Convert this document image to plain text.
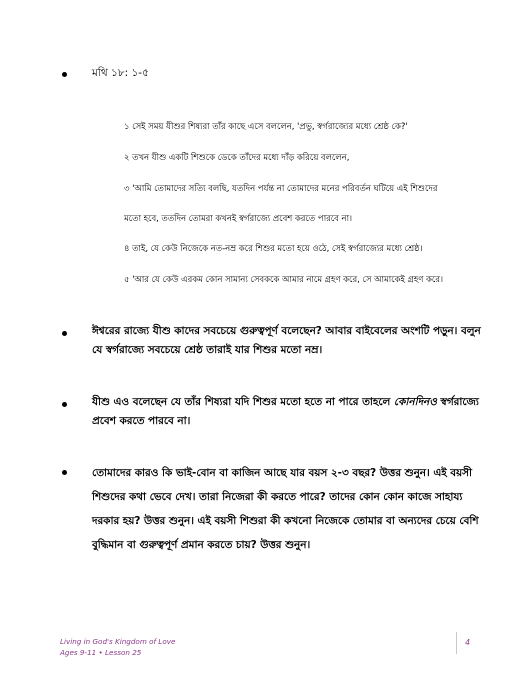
মথি ১৮: ১-৫
১ সেই সময় যীশুর শিষ্যরা তাঁর কাছে এসে বললেন, 'প্রভু, স্বর্গরাজ্যের মধ্যে শ্রেষ্ঠ কে?'
২ তখন যীশু একটি শিশুকে ডেকে তাঁদের মধ্যে দাঁড় করিয়ে বললেন,
৩ 'আমি তোমাদের সত্যি বলছি, যতদিন পর্যন্ত না তোমাদের মনের পরিবর্তন ঘটিয়ে এই শিশুদের
মতো হবে, ততদিন তোমরা কখনই স্বর্গরাজ্যে প্রবেশ করতে পারবে না।
৪ তাই, যে কেউ নিজেকে নত-নম্র করে শিশুর মতো হয়ে ওঠে, সেই স্বর্গরাজ্যের মধ্যে শ্রেষ্ঠ।
৫ 'আর যে কেউ এরকম কোন সামান্য সেবককে আমার নামে গ্রহণ করে, সে আমাকেই গ্রহণ করে।
ঈশ্বরের রাজ্যে যীশু কাদের সবচেয়ে গুরুত্বপূর্ণ বলেছেন? আবার বাইবেলের অংশটি পড়ুন। বলুন যে স্বর্গরাজ্যে সবচেয়ে শ্রেষ্ঠ তারাই যার শিশুর মতো নম্র।
যীশু এও বলেছেন যে তাঁর শিষ্যরা যদি শিশুর মতো হতে না পারে তাহলে কোনদিনও স্বর্গরাজ্যে প্রবেশ করতে পারবে না।
তোমাদের কারও কি ভাই-বোন বা কাজিন আছে যার বয়স ২-৩ বছর? উত্তর শুনুন। এই বয়সী শিশুদের কথা ভেবে দেখ। তারা নিজেরা কী করতে পারে? তাদের কোন কোন কাজে সাহায্য দরকার হয়? উত্তর শুনুন। এই বয়সী শিশুরা কী কখনো নিজেকে তোমার বা অন্যদের চেয়ে বেশি বুদ্ধিমান বা গুরুত্বপূর্ণ প্রমান করতে চায়? উত্তর শুনুন।
Living in God's Kingdom of Love
Ages 9-11 • Lesson 25
4
